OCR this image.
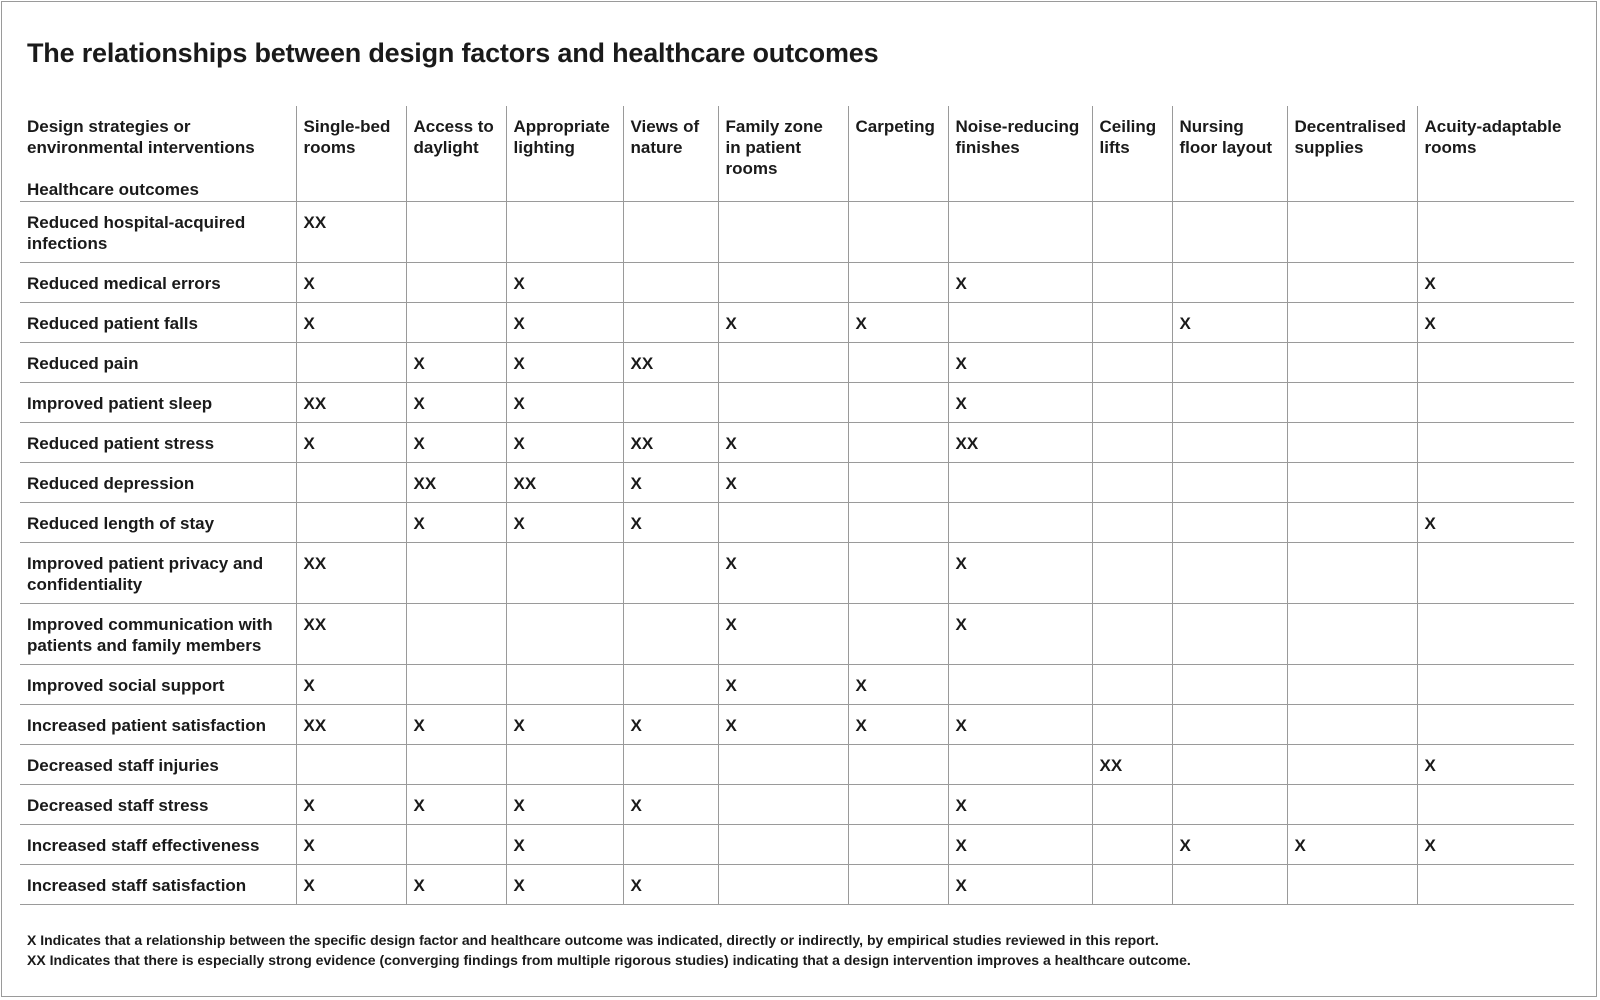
The relationships between design factors and healthcare outcomes
Design strategies or environmental interventions
Healthcare outcomes	Single-bed rooms	Access to daylight	Appropriate lighting	Views of nature	Family zone in patient rooms	Carpeting	Noise-reducing finishes	Ceiling lifts	Nursing floor layout	Decentralised supplies	Acuity-adaptable rooms
Reduced hospital-acquired infections	XX										
Reduced medical errors	X		X				X				X
Reduced patient falls	X		X		X	X			X		X
Reduced pain		X	X	XX			X				
Improved patient sleep	XX	X	X				X				
Reduced patient stress	X	X	X	XX	X		XX				
Reduced depression		XX	XX	X	X						
Reduced length of stay		X	X	X							X
Improved patient privacy and confidentiality	XX				X		X				
Improved communication with patients and family members	XX				X		X				
Improved social support	X				X	X					
Increased patient satisfaction	XX	X	X	X	X	X	X				
Decreased staff injuries								XX			X
Decreased staff stress	X	X	X	X			X				
Increased staff effectiveness	X		X				X		X	X	X
Increased staff satisfaction	X	X	X	X			X				

X Indicates that a relationship between the specific design factor and healthcare outcome was indicated, directly or indirectly, by empirical studies reviewed in this report.

XX Indicates that there is especially strong evidence (converging findings from multiple rigorous studies) indicating that a design intervention improves a healthcare outcome.
